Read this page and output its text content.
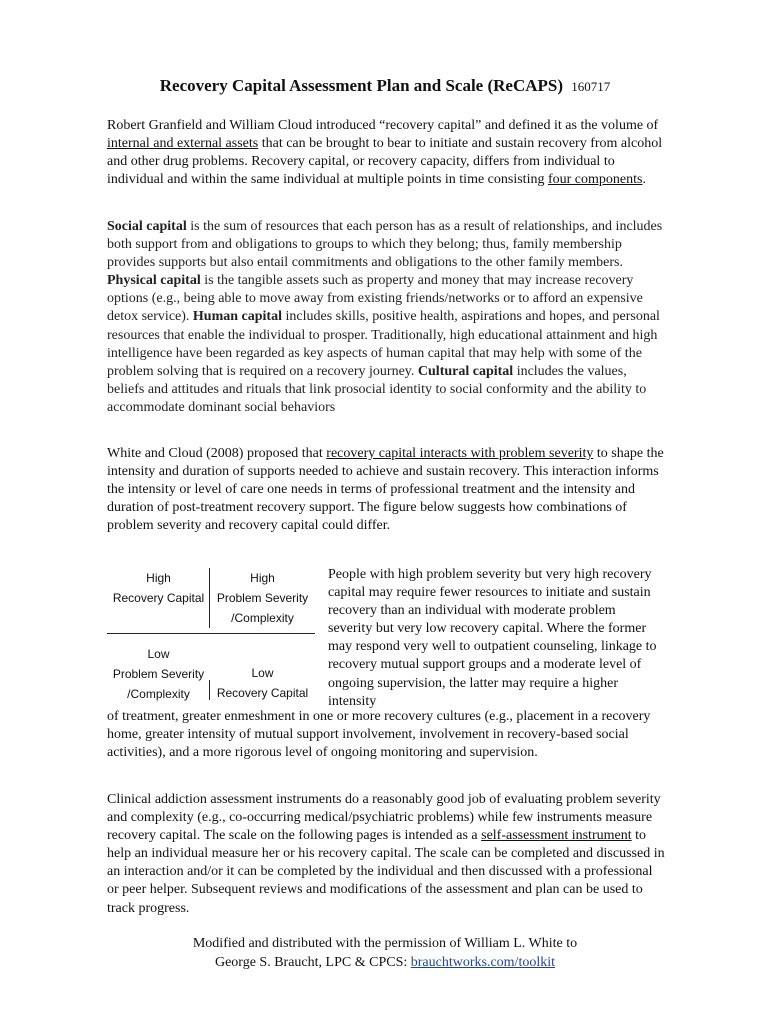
Recovery Capital Assessment Plan and Scale (ReCAPS) 160717

Robert Granfield and William Cloud introduced “recovery capital” and defined it as the volume of internal and external assets that can be brought to bear to initiate and sustain recovery from alcohol and other drug problems. Recovery capital, or recovery capacity, differs from individual to individual and within the same individual at multiple points in time consisting four components.

Social capital is the sum of resources that each person has as a result of relationships, and includes both support from and obligations to groups to which they belong; thus, family membership provides supports but also entail commitments and obligations to the other family members. Physical capital is the tangible assets such as property and money that may increase recovery options (e.g., being able to move away from existing friends/networks or to afford an expensive detox service). Human capital includes skills, positive health, aspirations and hopes, and personal resources that enable the individual to prosper. Traditionally, high educational attainment and high intelligence have been regarded as key aspects of human capital that may help with some of the problem solving that is required on a recovery journey. Cultural capital includes the values, beliefs and attitudes and rituals that link prosocial identity to social conformity and the ability to accommodate dominant social behaviors

White and Cloud (2008) proposed that recovery capital interacts with problem severity to shape the intensity and duration of supports needed to achieve and sustain recovery. This interaction informs the intensity or level of care one needs in terms of professional treatment and the intensity and duration of post-treatment recovery support. The figure below suggests how combinations of problem severity and recovery capital could differ.

High
Recovery Capital
High
Problem Severity
/Complexity
Low
Problem Severity
/Complexity
Low
Recovery Capital

People with high problem severity but very high recovery capital may require fewer resources to initiate and sustain recovery than an individual with moderate problem severity but very low recovery capital. Where the former may respond very well to outpatient counseling, linkage to recovery mutual support groups and a moderate level of ongoing supervision, the latter may require a higher intensity

of treatment, greater enmeshment in one or more recovery cultures (e.g., placement in a recovery home, greater intensity of mutual support involvement, involvement in recovery-based social activities), and a more rigorous level of ongoing monitoring and supervision.

Clinical addiction assessment instruments do a reasonably good job of evaluating problem severity and complexity (e.g., co-occurring medical/psychiatric problems) while few instruments measure recovery capital. The scale on the following pages is intended as a self-assessment instrument to help an individual measure her or his recovery capital. The scale can be completed and discussed in an interaction and/or it can be completed by the individual and then discussed with a professional or peer helper. Subsequent reviews and modifications of the assessment and plan can be used to track progress.

Modified and distributed with the permission of William L. White to
George S. Braucht, LPC & CPCS: brauchtworks.com/toolkit
